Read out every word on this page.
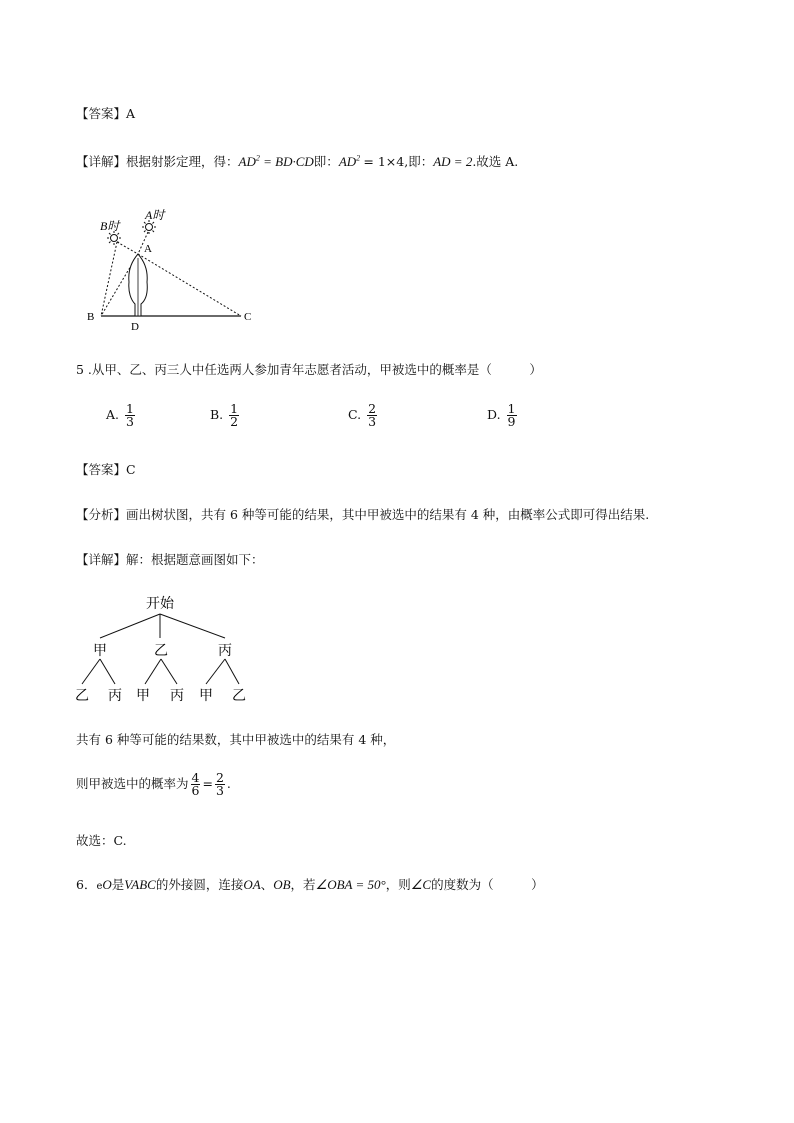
【答案】A
【详解】根据射影定理，得：$AD^2 = BD\cdot CD$即：$AD^2 = 1\times 4$,即：AD = 2.故选 A.
B时
A时
A
B	C
D
5 .从甲、乙、丙三人中任选两人参加青年志愿者活动，甲被选中的概率是（　　　）
A. $\frac{1}{3}$	B. $\frac{1}{2}$	C. $\frac{2}{3}$	D. $\frac{1}{9}$
【答案】C
【分析】画出树状图，共有 6 种等可能的结果，其中甲被选中的结果有 4 种，由概率公式即可得出结果.
【详解】解：根据题意画图如下：
开始
甲	乙	丙
乙 丙 甲 丙 甲 乙
共有 6 种等可能的结果数，其中甲被选中的结果有 4 种，
则甲被选中的概率为 $\frac{4}{6} = \frac{2}{3}$ .
故选：C.
6．eO是VABC的外接圆，连接OA、OB，若∠OBA = 50°，则∠C的度数为（　　　）
